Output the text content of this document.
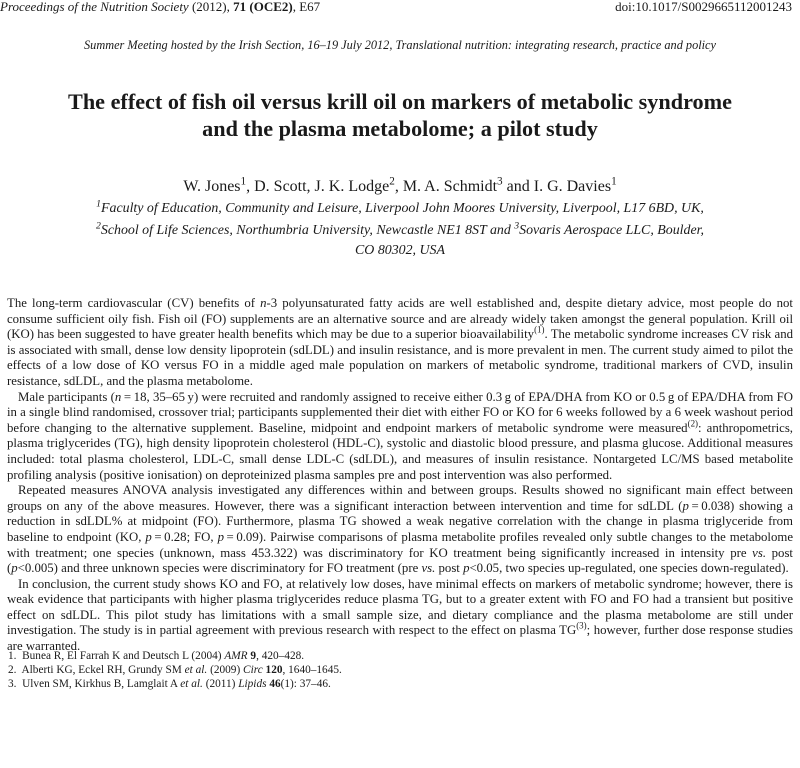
Proceedings of the Nutrition Society (2012), 71 (OCE2), E67	doi:10.1017/S0029665112001243
Summer Meeting hosted by the Irish Section, 16–19 July 2012, Translational nutrition: integrating research, practice and policy
The effect of fish oil versus krill oil on markers of metabolic syndrome
and the plasma metabolome; a pilot study
W. Jones$^1$, D. Scott, J. K. Lodge$^2$, M. A. Schmidt$^3$ and I. G. Davies$^1$
$^1$Faculty of Education, Community and Leisure, Liverpool John Moores University, Liverpool, L17 6BD, UK,
$^2$School of Life Sciences, Northumbria University, Newcastle NE1 8ST and $^3$Sovaris Aerospace LLC, Boulder,
CO 80302, USA

The long-term cardiovascular (CV) benefits of n-3 polyunsaturated fatty acids are well established and, despite dietary advice, most people do not consume sufficient oily fish. Fish oil (FO) supplements are an alternative source and are already widely taken amongst the general population. Krill oil (KO) has been suggested to have greater health benefits which may be due to a superior bioavailability$^{(1)}$. The metabolic syndrome increases CV risk and is associated with small, dense low density lipoprotein (sdLDL) and insulin resistance, and is more prevalent in men. The current study aimed to pilot the effects of a low dose of KO versus FO in a middle aged male population on markers of metabolic syndrome, traditional markers of CVD, insulin resistance, sdLDL, and the plasma metabolome.

Male participants (n = 18, 35–65 y) were recruited and randomly assigned to receive either 0.3 g of EPA/DHA from KO or 0.5 g of EPA/DHA from FO in a single blind randomised, crossover trial; participants supplemented their diet with either FO or KO for 6 weeks followed by a 6 week washout period before changing to the alternative supplement. Baseline, midpoint and endpoint markers of metabolic syndrome were measured$^{(2)}$: anthropometrics, plasma triglycerides (TG), high density lipoprotein cholesterol (HDL-C), systolic and diastolic blood pressure, and plasma glucose. Additional measures included: total plasma cholesterol, LDL-C, small dense LDL-C (sdLDL), and measures of insulin resistance. Nontargeted LC/MS based metabolite profiling analysis (positive ionisation) on deproteinized plasma samples pre and post intervention was also performed.

Repeated measures ANOVA analysis investigated any differences within and between groups. Results showed no significant main effect between groups on any of the above measures. However, there was a significant interaction between intervention and time for sdLDL (p = 0.038) showing a reduction in sdLDL% at midpoint (FO). Furthermore, plasma TG showed a weak negative correlation with the change in plasma triglyceride from baseline to endpoint (KO, p = 0.28; FO, p = 0.09). Pairwise comparisons of plasma metabolite profiles revealed only subtle changes to the metabolome with treatment; one species (unknown, mass 453.322) was discriminatory for KO treatment being significantly increased in intensity pre vs. post (p<0.005) and three unknown species were discriminatory for FO treatment (pre vs. post p<0.05, two species up-regulated, one species down-regulated).

In conclusion, the current study shows KO and FO, at relatively low doses, have minimal effects on markers of metabolic syndrome; however, there is weak evidence that participants with higher plasma triglycerides reduce plasma TG, but to a greater extent with FO and FO had a transient but positive effect on sdLDL. This pilot study has limitations with a small sample size, and dietary compliance and the plasma metabolome are still under investigation. The study is in partial agreement with previous research with respect to the effect on plasma TG$^{(3)}$; however, further dose response studies are warranted.

1.  Bunea R, El Farrah K and Deutsch L (2004) AMR 9, 420–428.
2.  Alberti KG, Eckel RH, Grundy SM et al. (2009) Circ 120, 1640–1645.
3.  Ulven SM, Kirkhus B, Lamglait A et al. (2011) Lipids 46(1): 37–46.
